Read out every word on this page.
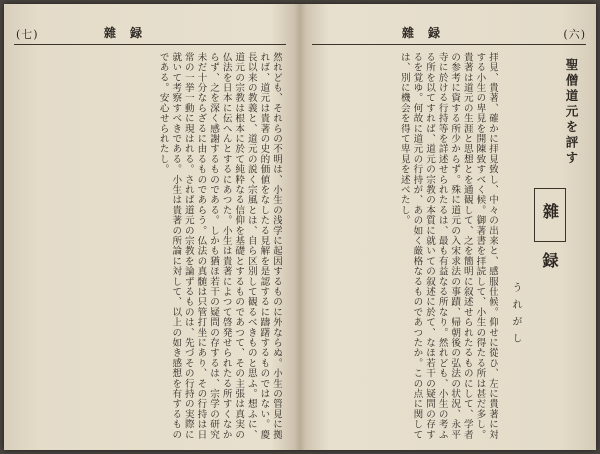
(七)	雜録

然れども、それらの不明は、小生の浅学に起因するものに外ならぬ。小生の管見に拠れば、道元は貴著の史的価値をなしたる見解を是認するに躊躇するものではない。慶長以来の教義と、道元の説く宗風とは、自ら区別して観るべきものと思ふ。想ふに、道元の宗教は根本に於て純粋なる信仰を基礎とするものであつて、その主張は真実の仏法を日本に伝へんとするにあつた。小生は貴著によつて啓発せられたる所すくなからず、之を深く感謝するものである。しかも猶ほ若干の疑問の存するは、宗学の研究未だ十分ならざるに由るものであらう。仏法の真髄は只管打坐にあり、その行持は日常の一挙一動に現はれる。されば道元の宗教を論ずるものは、先づその行持の実際に就いて考察すべきである。小生は貴著の所論に対して、以上の如き感想を有するものである。安心せられたし。

(六)
雜録
聖僧道元を評す
雜
録
うれがし

拝見、貴著、確かに拝見致し、中々の出来と、感服仕候。仰せに從ひ、左に貴著に対する小生の卑見を開陳致すべく候。御著書を拝読して、小生の得たる所は甚だ多し。貴著は道元の生涯と思想とを通観して、之を簡明に叙述せられたるものにして、学者の参考に資する所少からず。殊に道元の入宋求法の事蹟、帰朝後の弘法の状況、永平寺に於ける行持等を詳述せられたるは、最も有益なる所なり。然れども、小生の考ふる所を以てすれば、道元の宗教の本質に就いての叙述に於て、なほ若干の疑問の存するを覚ゆ。何故に道元の行持が、あの如く厳格なるものであつたか。この点に関しては、別に機会を得て卑見を述べたし。
